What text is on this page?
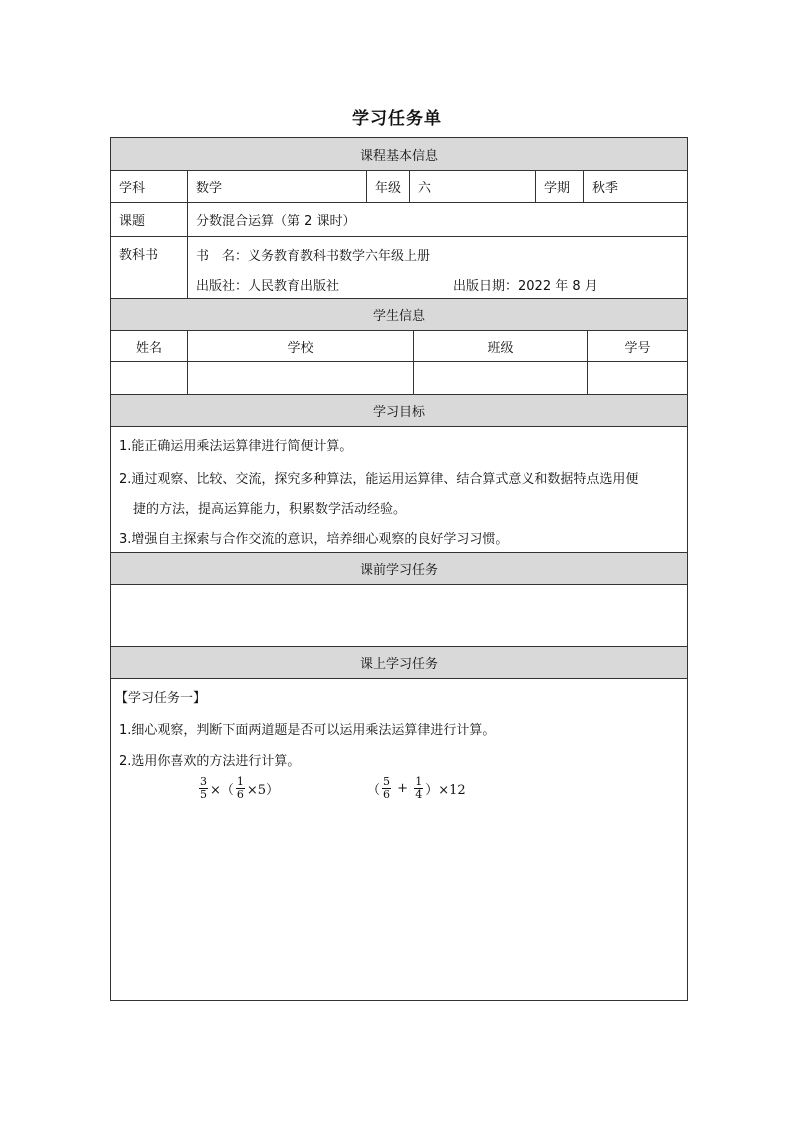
学习任务单
课程基本信息
学科	数学	年级	六	学期	秋季
课题	分数混合运算（第 2 课时）
教科书	书　名：义务教育教科书数学六年级上册
出版社：人民教育出版社	出版日期：2022 年 8 月
学生信息
姓名	学校	班级	学号
学习目标
1.能正确运用乘法运算律进行简便计算。
2.通过观察、比较、交流，探究多种算法，能运用运算律、结合算式意义和数据特点选用便
捷的方法，提高运算能力，积累数学活动经验。
3.增强自主探索与合作交流的意识，培养细心观察的良好学习习惯。
课前学习任务
课上学习任务
【学习任务一】
1.细心观察，判断下面两道题是否可以运用乘法运算律进行计算。
2.选用你喜欢的方法进行计算。
$\frac{3}{5}$ ×（ $\frac{1}{6} \times 5$）	（ $\frac{5}{6} + \frac{1}{4} )\times 12$
